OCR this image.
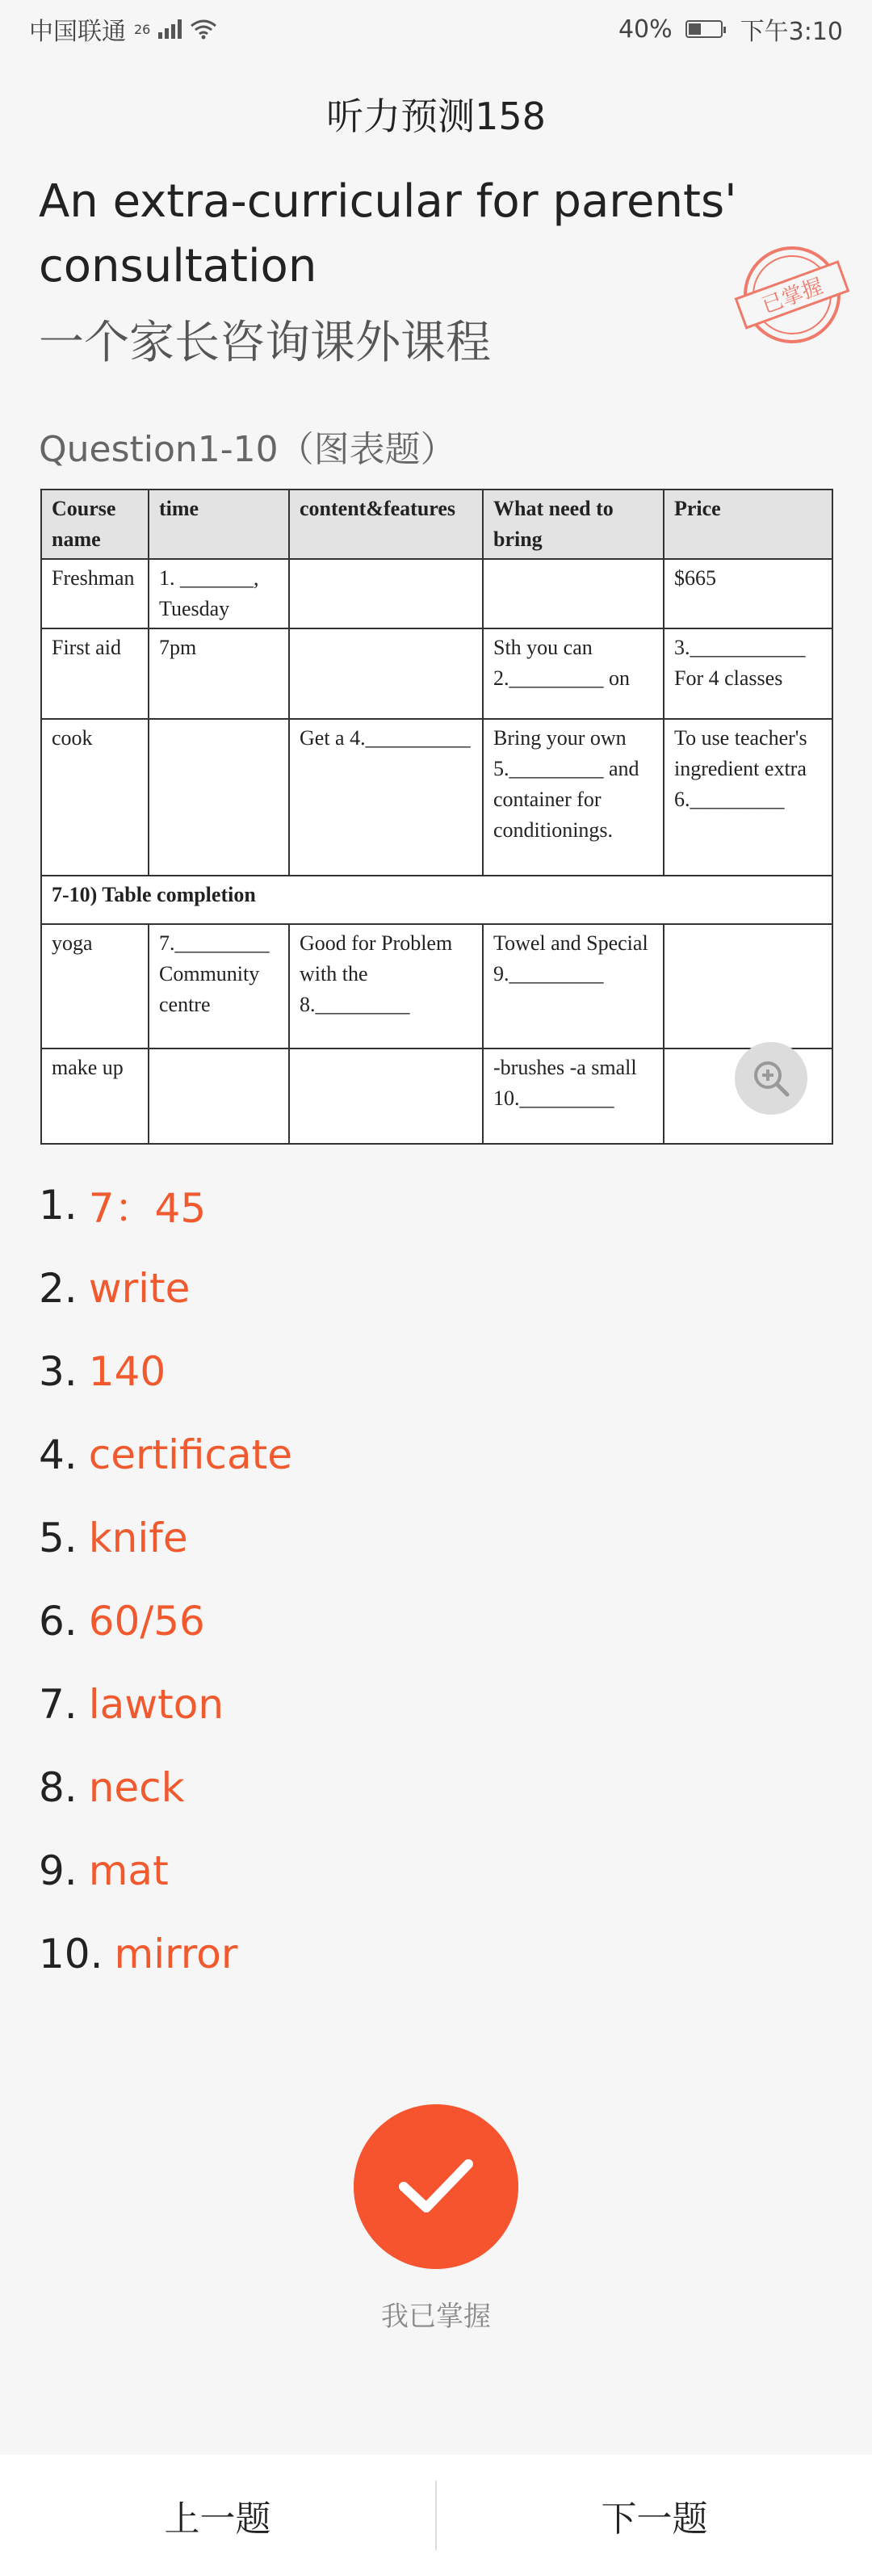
中国联通 26	40%	下午3:10
听力预测158
An extra-curricular for parents' consultation
一个家长咨询课外课程
已掌握
Question1-10（图表题）
Course name	time	content&features	What need to bring	Price
Freshman	1. _______, Tuesday			$665
First aid	7pm		Sth you can 2._________ on	3.___________ For 4 classes
cook		Get a 4.__________	Bring your own 5._________ and container for conditionings.	To use teacher's ingredient extra 6._________
7-10) Table completion				
yoga	7._________ Community centre	Good for Problem with the 8._________	Towel and Special 9._________	
make up			-brushes -a small 10._________	
1. 7：45
2. write
3. 140
4. certificate
5. knife
6. 60/56
7. lawton
8. neck
9. mat
10. mirror
我已掌握
上一题	下一题
